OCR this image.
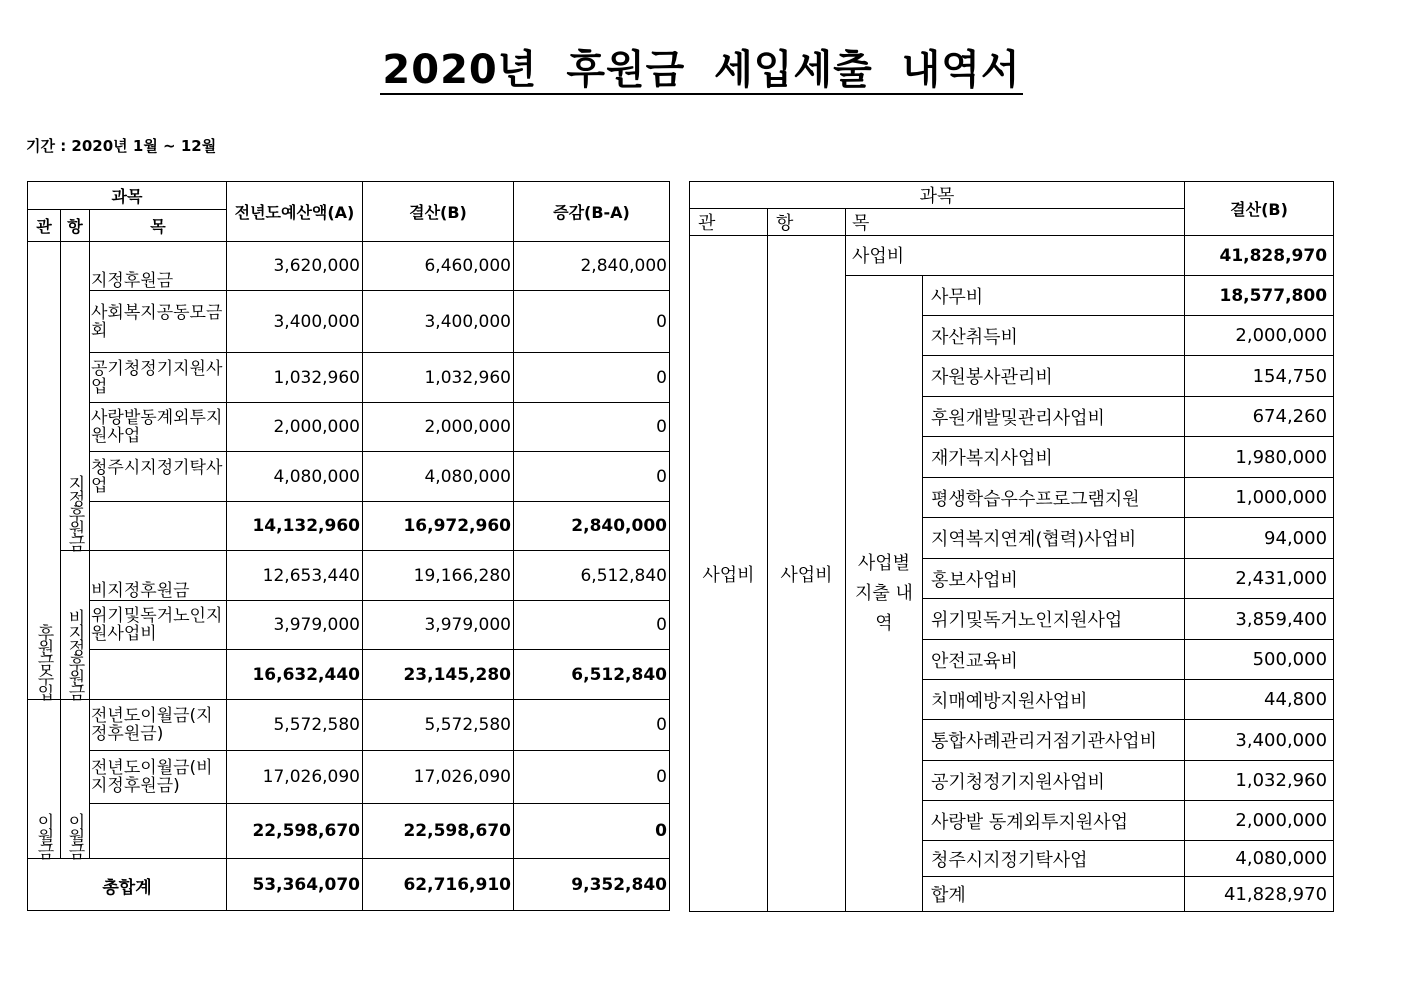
2020년 후원금 세입세출 내역서
기간 : 2020년 1월 ~ 12월
과목			전년도예산액(A)	결산(B)	증감(B-A)
관	항	목			

후원금수입	지정후원금	지정후원금	3,620,000	6,460,000	2,840,000
		사회복지공동모금회	3,400,000	3,400,000	0
		공기청정기지원사업	1,032,960	1,032,960	0
		사랑밭동계외투지원사업	2,000,000	2,000,000	0
		청주시지정기탁사업	4,080,000	4,080,000	0
			14,132,960	16,972,960	2,840,000

	비지정후원금	비지정후원금	12,653,440	19,166,280	6,512,840
		위기및독거노인지원사업비	3,979,000	3,979,000	0
			16,632,440	23,145,280	6,512,840

이월금	이월금	전년도이월금(지정후원금)	5,572,580	5,572,580	0
		전년도이월금(비지정후원금)	17,026,090	17,026,090	0
			22,598,670	22,598,670	0
총합계			53,364,070	62,716,910	9,352,840
과목				결산(B)
관	항	목		
사업비	사업비	사업비		41,828,970
		사업별 지출 내역	사무비	18,577,800
			자산취득비	2,000,000
			자원봉사관리비	154,750
			후원개발및관리사업비	674,260
			재가복지사업비	1,980,000
			평생학습우수프로그램지원	1,000,000
			지역복지연계(협력)사업비	94,000
			홍보사업비	2,431,000
			위기및독거노인지원사업	3,859,400
			안전교육비	500,000
			치매예방지원사업비	44,800
			통합사례관리거점기관사업비	3,400,000
			공기청정기지원사업비	1,032,960
			사랑밭 동계외투지원사업	2,000,000
			청주시지정기탁사업	4,080,000
			합계	41,828,970
